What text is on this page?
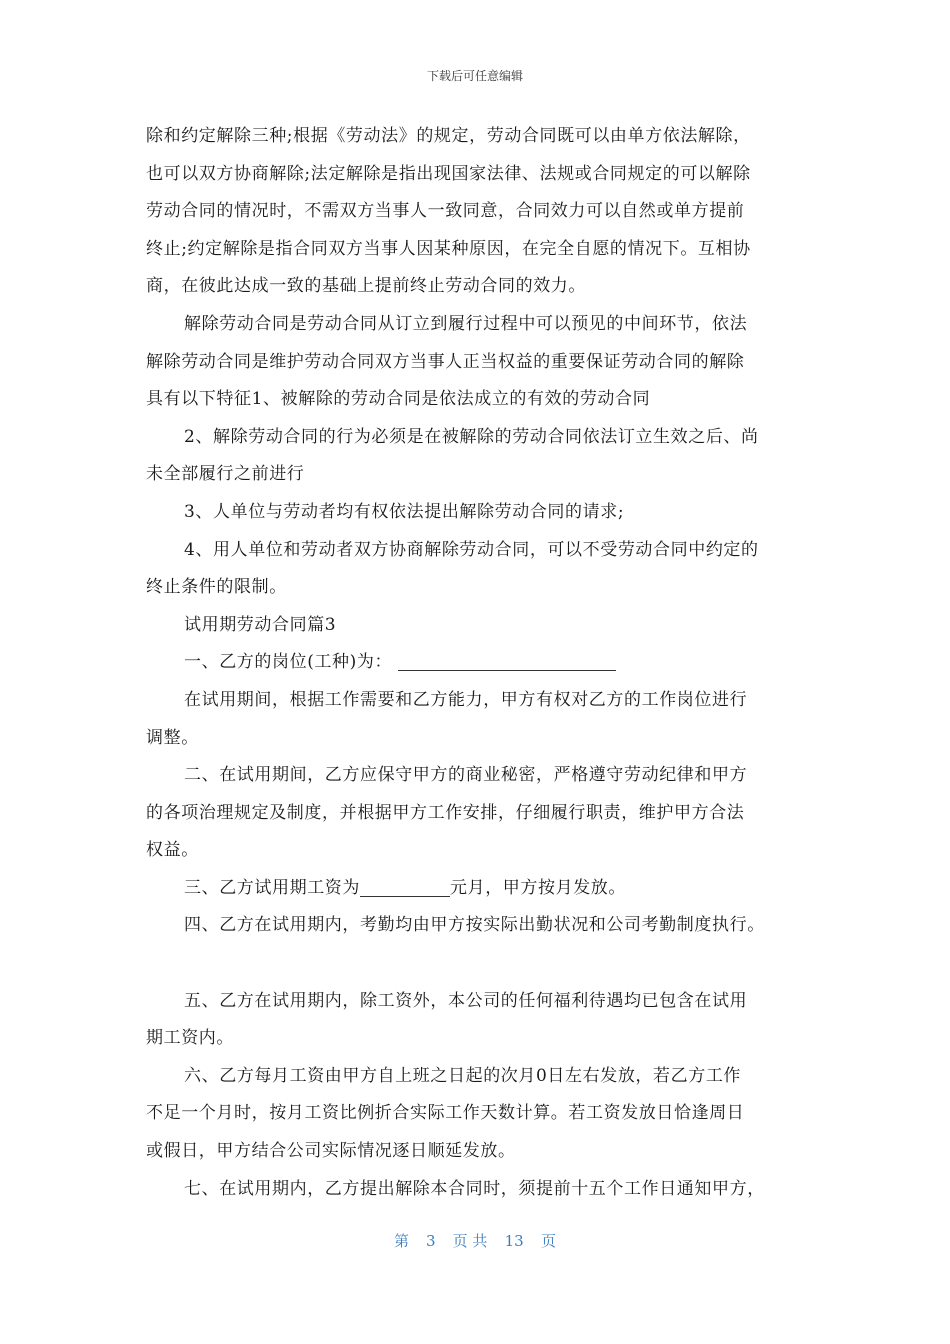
下载后可任意编辑
除和约定解除三种;根据《劳动法》的规定，劳动合同既可以由单方依法解除，
也可以双方协商解除;法定解除是指出现国家法律、法规或合同规定的可以解除
劳动合同的情况时，不需双方当事人一致同意，合同效力可以自然或单方提前
终止;约定解除是指合同双方当事人因某种原因，在完全自愿的情况下。互相协
商，在彼此达成一致的基础上提前终止劳动合同的效力。
解除劳动合同是劳动合同从订立到履行过程中可以预见的中间环节，依法
解除劳动合同是维护劳动合同双方当事人正当权益的重要保证劳动合同的解除
具有以下特征1、被解除的劳动合同是依法成立的有效的劳动合同
2、解除劳动合同的行为必须是在被解除的劳动合同依法订立生效之后、尚
未全部履行之前进行
3、人单位与劳动者均有权依法提出解除劳动合同的请求;
4、用人单位和劳动者双方协商解除劳动合同，可以不受劳动合同中约定的
终止条件的限制。
试用期劳动合同篇3
一、乙方的岗位(工种)为：
在试用期间，根据工作需要和乙方能力，甲方有权对乙方的工作岗位进行
调整。
二、在试用期间，乙方应保守甲方的商业秘密，严格遵守劳动纪律和甲方
的各项治理规定及制度，并根据甲方工作安排，仔细履行职责，维护甲方合法
权益。
三、乙方试用期工资为	元月，甲方按月发放。
四、乙方在试用期内，考勤均由甲方按实际出勤状况和公司考勤制度执行。
五、乙方在试用期内，除工资外，本公司的任何福利待遇均已包含在试用
期工资内。
六、乙方每月工资由甲方自上班之日起的次月0日左右发放，若乙方工作
不足一个月时，按月工资比例折合实际工作天数计算。若工资发放日恰逢周日
或假日，甲方结合公司实际情况逐日顺延发放。
七、在试用期内，乙方提出解除本合同时，须提前十五个工作日通知甲方，
第 3 页 共 13 页
